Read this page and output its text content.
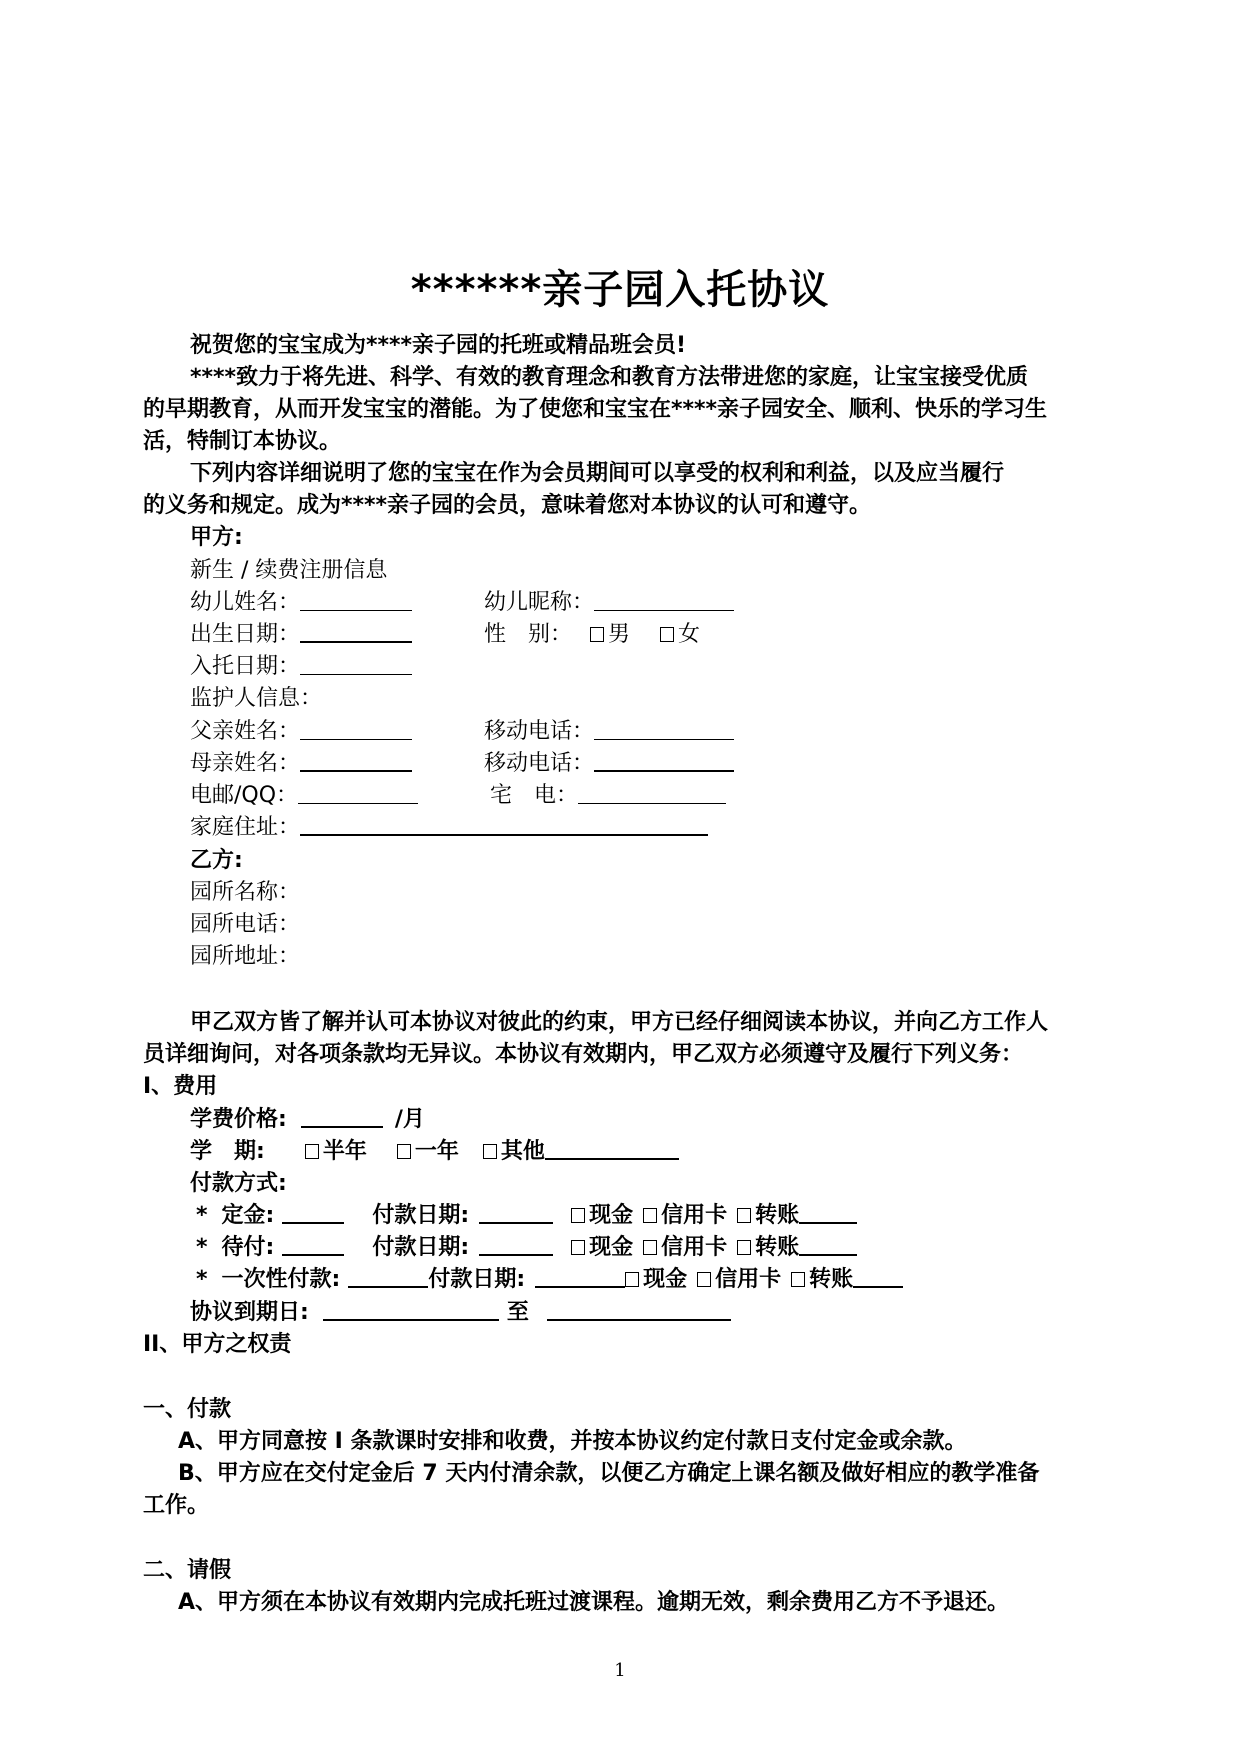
******亲子园入托协议
祝贺您的宝宝成为****亲子园的托班或精品班会员!
****致力于将先进、科学、有效的教育理念和教育方法带进您的家庭，让宝宝接受优质
的早期教育，从而开发宝宝的潜能。为了使您和宝宝在****亲子园安全、顺利、快乐的学习生
活，特制订本协议。
下列内容详细说明了您的宝宝在作为会员期间可以享受的权利和利益，以及应当履行
的义务和规定。成为****亲子园的会员，意味着您对本协议的认可和遵守。
甲方:
新生 / 续费注册信息
幼儿姓名：	幼儿昵称：
出生日期：	性　别： 男 女
入托日期：
监护人信息：
父亲姓名：	移动电话：
母亲姓名：	移动电话：
电邮/QQ：	宅　电：
家庭住址：
乙方:
园所名称：
园所电话：
园所地址：
甲乙双方皆了解并认可本协议对彼此的约束，甲方已经仔细阅读本协议，并向乙方工作人
员详细询问，对各项条款均无异议。本协议有效期内，甲乙双方必须遵守及履行下列义务：
I、费用
学费价格:	/月
学　期:	半年 一年 其他
付款方式:
* 定金:	付款日期:	现金 信用卡 转账
* 待付:	付款日期:	现金 信用卡 转账
* 一次性付款:	付款日期:	现金 信用卡 转账
协议到期日:	至
II、甲方之权责
一、付款
A、甲方同意按 I 条款课时安排和收费，并按本协议约定付款日支付定金或余款。
B、甲方应在交付定金后 7 天内付清余款，以便乙方确定上课名额及做好相应的教学准备
工作。
二、请假
A、甲方须在本协议有效期内完成托班过渡课程。逾期无效，剩余费用乙方不予退还。
1
